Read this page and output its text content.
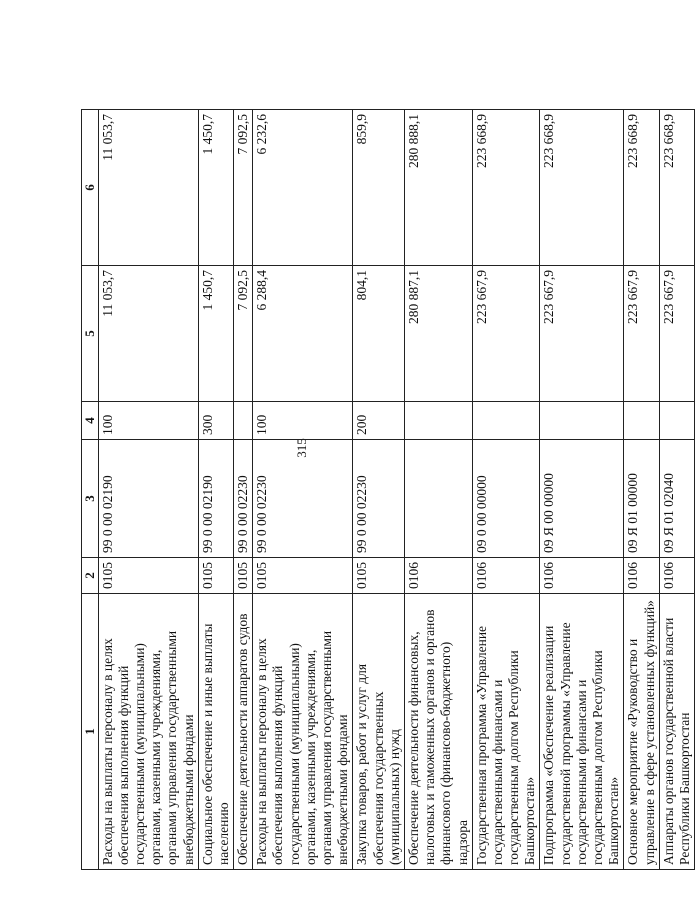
315
1	2	3	4	5	6
Расходы на выплаты персоналу в целях обеспечения выполнения функций государственными (муниципальными) органами, казенными учреждениями, органами управления государственными внебюджетными фондами	0105	99 0 00 02190	100	11 053,7	11 053,7
Социальное обеспечение и иные выплаты населению	0105	99 0 00 02190	300	1 450,7	1 450,7
Обеспечение деятельности аппаратов судов	0105	99 0 00 02230		7 092,5	7 092,5
Расходы на выплаты персоналу в целях обеспечения выполнения функций государственными (муниципальными) органами, казенными учреждениями, органами управления государственными внебюджетными фондами	0105	99 0 00 02230	100	6 288,4	6 232,6
Закупка товаров, работ и услуг для обеспечения государственных (муниципальных) нужд	0105	99 0 00 02230	200	804,1	859,9
Обеспечение деятельности финансовых, налоговых и таможенных органов и органов финансового (финансово-бюджетного) надзора	0106			280 887,1	280 888,1
Государственная программа «Управление государственными финансами и государственным долгом Республики Башкортостан»	0106	09 0 00 00000		223 667,9	223 668,9
Подпрограмма «Обеспечение реализации государственной программы «Управление государственными финансами и государственным долгом Республики Башкортостан»	0106	09 Я 00 00000		223 667,9	223 668,9
Основное мероприятие «Руководство и управление в сфере установленных функций»	0106	09 Я 01 00000		223 667,9	223 668,9
Аппараты органов государственной власти Республики Башкортостан	0106	09 Я 01 02040		223 667,9	223 668,9
